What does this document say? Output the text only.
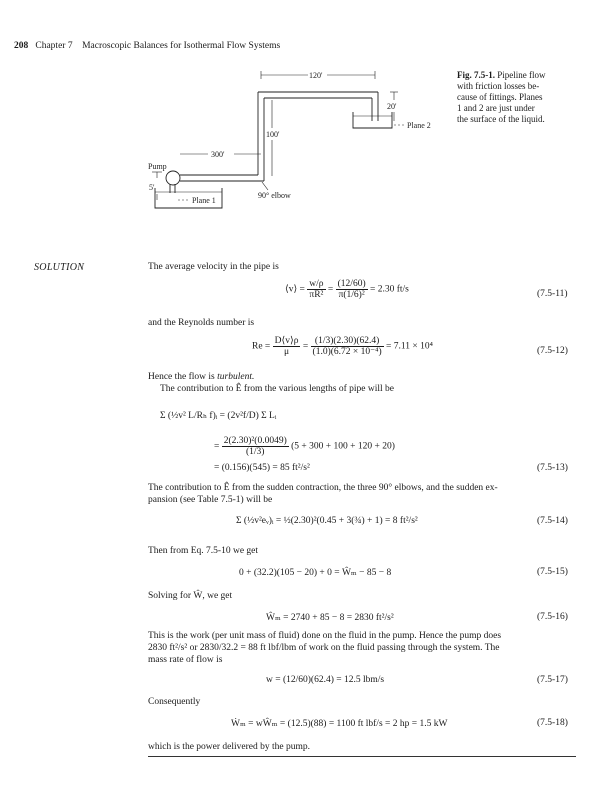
208 Chapter 7 Macroscopic Balances for Isothermal Flow Systems
120'
20'
100'
300'
5'
Pump
Plane 1
Plane 2
90° elbow
Fig. 7.5-1. Pipeline flow
with friction losses be-
cause of fittings. Planes
1 and 2 are just under
the surface of the liquid.
SOLUTION	The average velocity in the pipe is
⟨v⟩ = $\frac{w/\rho}{\text{πR²}} = \frac{(12/60)}{\text{π(1/6)²}} = 2.30$ ft/s	(7.5-11)
and the Reynolds number is
$Re = \frac{D⟨v⟩\rho}{\mu} = \frac{(1/3)(2.30)(62.4)}{\text{(1.0)(6.72 × 10⁻⁴)}} = 7.11 \times 10^4$	(7.5-12)
Hence the flow is turbulent.
The contribution to Ê from the various lengths of pipe will be
Σ (½v² L/Rₕ f)ᵢ = (2v²f/D) Σ Lᵢ
= $\frac{\text{2(2.30)²(0.0049)}}{(1/3)} (5 + 300 + 100 + 120 + 20)$
= (0.156)(545) = 85 ft²/s²	(7.5-13)
The contribution to Ê from the sudden contraction, the three 90° elbows, and the sudden ex-
pansion (see Table 7.5-1) will be
Σ (½v²eᵥ)ᵢ = ½(2.30)²(0.45 + 3(¾) + 1) = 8 ft²/s²	(7.5-14)
Then from Eq. 7.5-10 we get
0 + (32.2)(105 − 20) + 0 = Ŵₘ − 85 − 8	(7.5-15)
Solving for Ŵ, we get
Ŵₘ = 2740 + 85 − 8 = 2830 ft²/s²	(7.5-16)
This is the work (per unit mass of fluid) done on the fluid in the pump. Hence the pump does
2830 ft²/s² or 2830/32.2 = 88 ft lbf/lbm of work on the fluid passing through the system. The
mass rate of flow is
w = (12/60)(62.4) = 12.5 lbm/s	(7.5-17)
Consequently
Ẇₘ = wŴₘ = (12.5)(88) = 1100 ft lbf/s = 2 hp = 1.5 kW	(7.5-18)
which is the power delivered by the pump.
